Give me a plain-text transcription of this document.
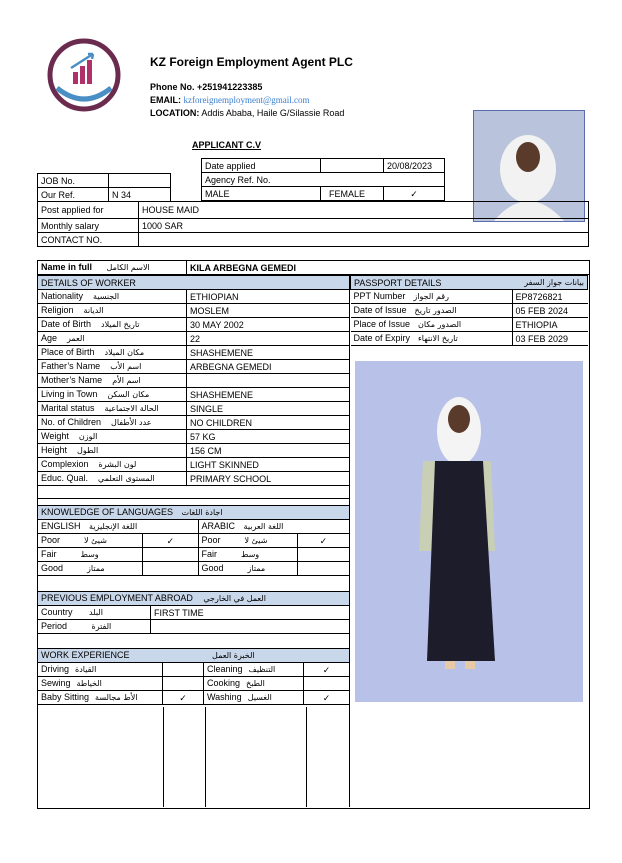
KZ Foreign Employment Agent PLC
Phone No. +251941223385
EMAIL: kzforeignemployment@gmail.com
LOCATION: Addis Ababa, Haile G/Silassie Road
APPLICANT C.V
Date applied		20/08/2023
Agency Ref. No.		
MALE	FEMALE	✓
JOB No.	
Our Ref.	N 34
Post applied for	HOUSE MAID
Monthly salary	1000 SAR
CONTACT NO.	
Name in full الاسم الكامل	KILA ARBEGNA GEMEDI
DETAILS OF WORKER	
Nationality الجنسية	ETHIOPIAN
Religion الديانة	MOSLEM
Date of Birth تاريخ الميلاد	30 MAY 2002
Age العمر	22
Place of Birth مكان الميلاد	SHASHEMENE
Father’s Name اسم الأب	ARBEGNA GEMEDI
Mother’s Name اسم الأم	
Living in Town مكان السكن	SHASHEMENE
Marital status الحالة الاجتماعية	SINGLE
No. of Children عدد الأطفال	NO CHILDREN
Weight الوزن	57 KG
Height الطول	156 CM
Complexion لون البشرة	LIGHT SKINNED
Educ. Qual. المستوى التعلمي	PRIMARY SCHOOL

PASSPORT DETAILS بيانات جواز السفر	

PPT Number رقم الجواز	EP8726821
Date of Issue الصدور تاريخ	05 FEB 2024
Place of Issue الصدور مكان	ETHIOPIA
Date of Expiry تاريخ الانتهاء	03 FEB 2029
KNOWLEDGE OF LANGUAGES اجادة اللغات			
ENGLISH اللغة الإنجليزية		ARABIC اللغة العربية	
Poor شيئ لا	✓	Poor شيئ لا	✓
Fair وسط		Fair وسط	
Good ممتاز		Good ممتاز	
PREVIOUS EMPLOYMENT ABROAD العمل في الخارجي	
Country البلد	FIRST TIME
Period الفترة	
WORK EXPERIENCE الخبرة العمل			
Driving القيادة		Cleaning التنظيف	✓
Sewing الخياطة		Cooking الطبخ	
Baby Sitting الأط مجالسة	✓	Washing الغسيل	✓
